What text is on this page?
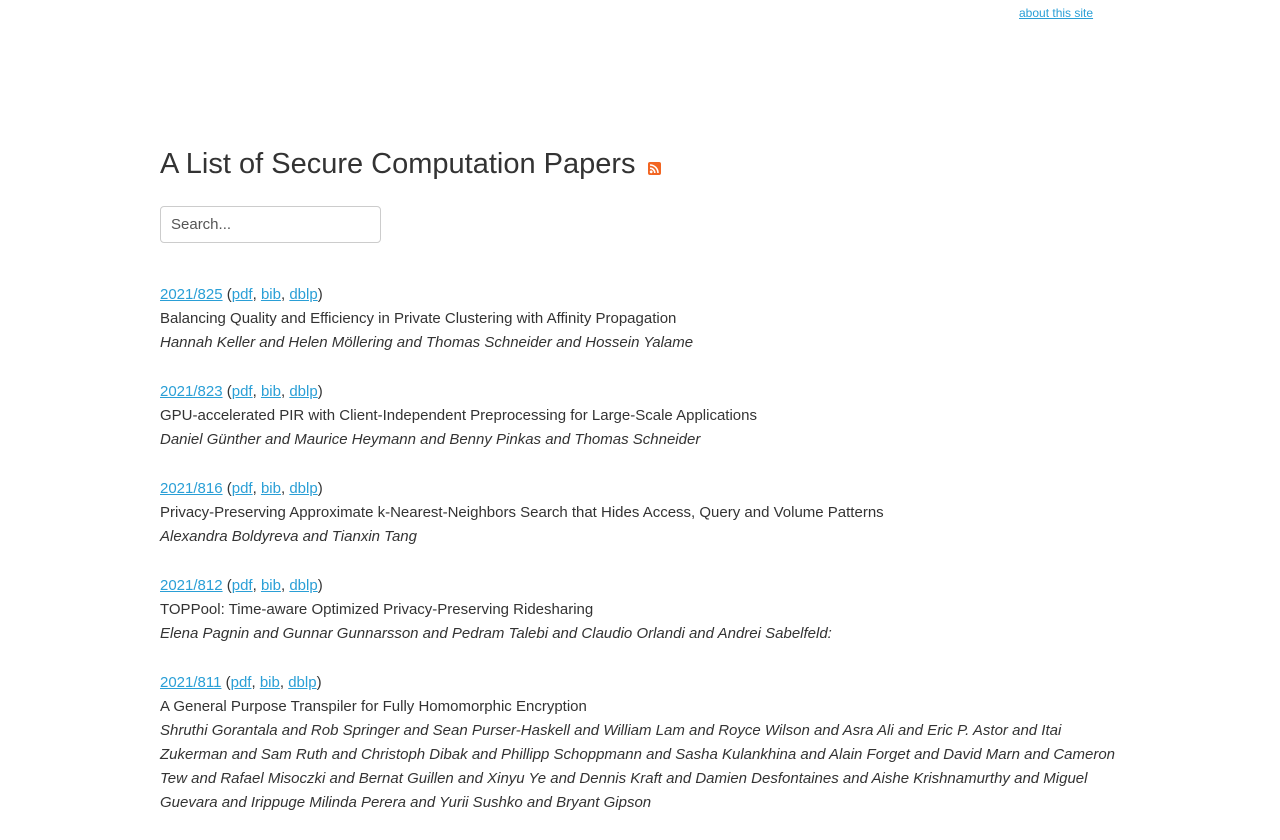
about this site
A List of Secure Computation Papers
Search...
2021/825 (pdf, bib, dblp)
Balancing Quality and Efficiency in Private Clustering with Affinity Propagation
Hannah Keller and Helen Möllering and Thomas Schneider and Hossein Yalame
2021/823 (pdf, bib, dblp)
GPU-accelerated PIR with Client-Independent Preprocessing for Large-Scale Applications
Daniel Günther and Maurice Heymann and Benny Pinkas and Thomas Schneider
2021/816 (pdf, bib, dblp)
Privacy-Preserving Approximate k-Nearest-Neighbors Search that Hides Access, Query and Volume Patterns
Alexandra Boldyreva and Tianxin Tang
2021/812 (pdf, bib, dblp)
TOPPool: Time-aware Optimized Privacy-Preserving Ridesharing
Elena Pagnin and Gunnar Gunnarsson and Pedram Talebi and Claudio Orlandi and Andrei Sabelfeld:
2021/811 (pdf, bib, dblp)
A General Purpose Transpiler for Fully Homomorphic Encryption
Shruthi Gorantala and Rob Springer and Sean Purser-Haskell and William Lam and Royce Wilson and Asra Ali and Eric P. Astor and Itai Zukerman and Sam Ruth and Christoph Dibak and Phillipp Schoppmann and Sasha Kulankhina and Alain Forget and David Marn and Cameron Tew and Rafael Misoczki and Bernat Guillen and Xinyu Ye and Dennis Kraft and Damien Desfontaines and Aishe Krishnamurthy and Miguel Guevara and Irippuge Milinda Perera and Yurii Sushko and Bryant Gipson
